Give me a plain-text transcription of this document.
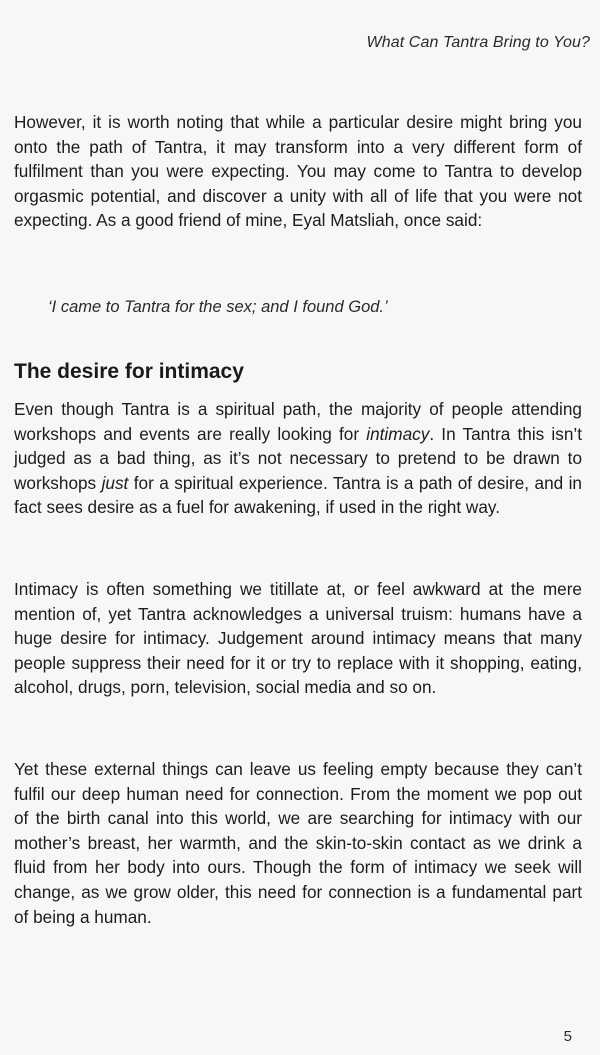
What Can Tantra Bring to You?

However, it is worth noting that while a particular desire might bring you onto the path of Tantra, it may transform into a very different form of fulfilment than you were expecting. You may come to Tantra to develop orgasmic potential, and discover a unity with all of life that you were not expecting. As a good friend of mine, Eyal Matsliah, once said:

‘I came to Tantra for the sex; and I found God.’

The desire for intimacy

Even though Tantra is a spiritual path, the majority of people attending workshops and events are really looking for intimacy. In Tantra this isn’t judged as a bad thing, as it’s not necessary to pretend to be drawn to workshops just for a spiritual experience. Tantra is a path of desire, and in fact sees desire as a fuel for awakening, if used in the right way.

Intimacy is often something we titillate at, or feel awkward at the mere mention of, yet Tantra acknowledges a universal truism: humans have a huge desire for intimacy. Judgement around intimacy means that many people suppress their need for it or try to replace with it shopping, eating, alcohol, drugs, porn, television, social media and so on.

Yet these external things can leave us feeling empty because they can’t fulfil our deep human need for connection. From the moment we pop out of the birth canal into this world, we are searching for intimacy with our mother’s breast, her warmth, and the skin-to-skin contact as we drink a fluid from her body into ours. Though the form of intimacy we seek will change, as we grow older, this need for connection is a fundamental part of being a human.

5
